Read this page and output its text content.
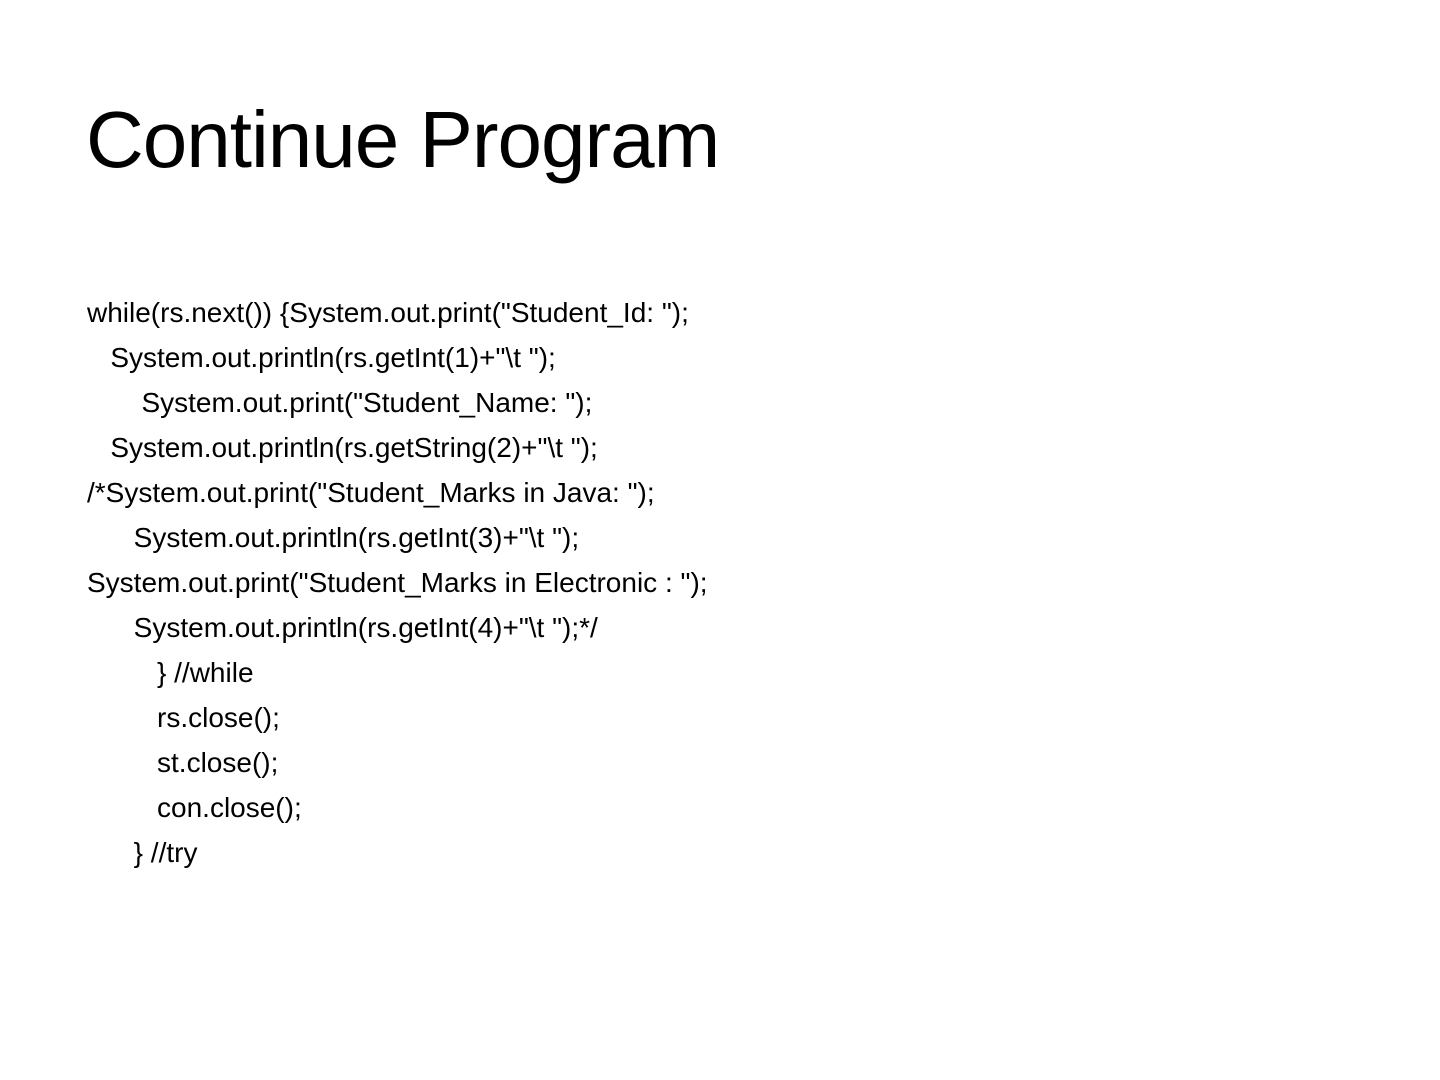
Continue Program
while(rs.next()) {System.out.print("Student_Id: ");
System.out.println(rs.getInt(1)+"\t ");
System.out.print("Student_Name: ");
System.out.println(rs.getString(2)+"\t ");
/*System.out.print("Student_Marks in Java: ");
System.out.println(rs.getInt(3)+"\t ");
System.out.print("Student_Marks in Electronic : ");
System.out.println(rs.getInt(4)+"\t ");*/
} //while
rs.close();
st.close();
con.close();
} //try
